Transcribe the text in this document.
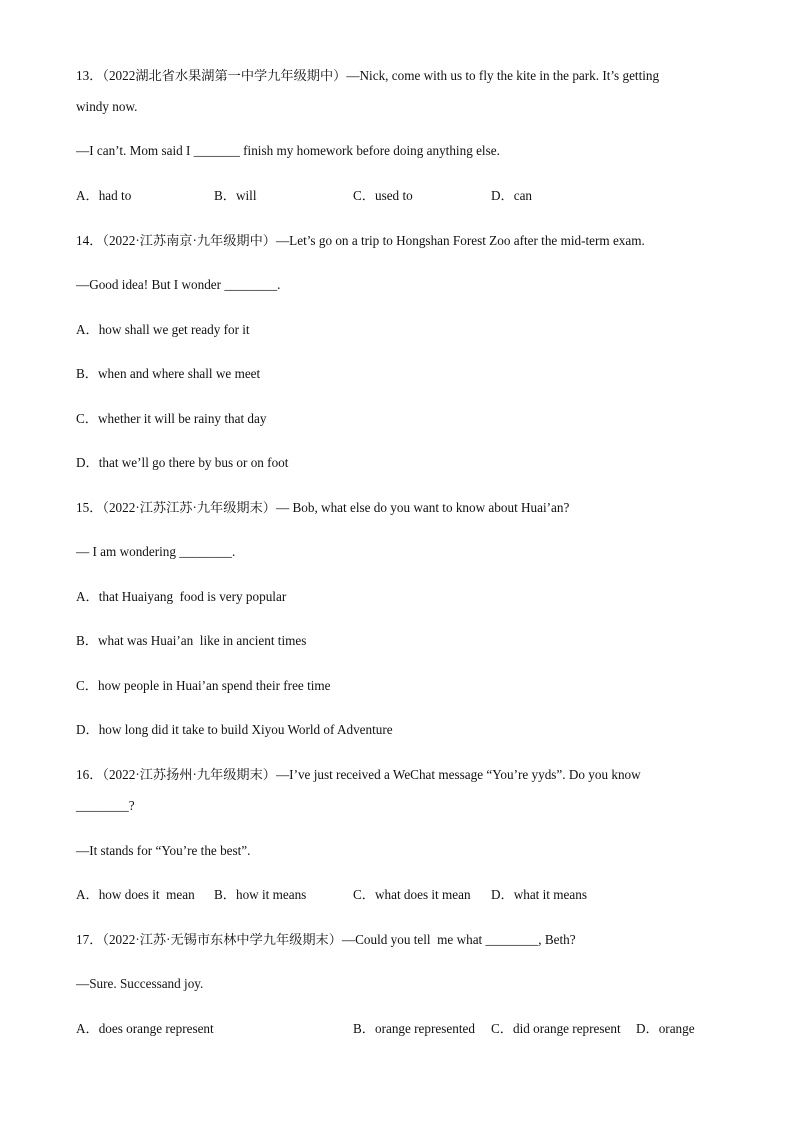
13．（2022湖北省水果湖第一中学九年级期中）—Nick, come with us to fly the kite in the park. It’s getting
windy now.
—I can’t. Mom said I _______ finish my homework before doing anything else.
A．had to	B．will	C．used to	D．can
14．（2022·江苏南京·九年级期中）—Let’s go on a trip to Hongshan Forest Zoo after the mid-term exam.
—Good idea! But I wonder ________.
A．how shall we get ready for it
B．when and where shall we meet
C．whether it will be rainy that day
D．that we’ll go there by bus or on foot
15．（2022·江苏江苏·九年级期末）— Bob, what else do you want to know about Huai’an?
— I am wondering ________.
A．that Huaiyang  food is very popular
B．what was Huai’an  like in ancient times
C．how people in Huai’an spend their free time
D．how long did it take to build Xiyou World of Adventure
16．（2022·江苏扬州·九年级期末）—I’ve just received a WeChat message “You’re yyds”. Do you know
________?
—It stands for “You’re the best”.
A．how does it  mean B．how it means	C．what does it mean D．what it means
17．（2022·江苏·无锡市东林中学九年级期末）—Could you tell  me what ________, Beth?
—Sure. Successand joy.
A．does orange represent	B．orange represented C．did orange represent D．orange
